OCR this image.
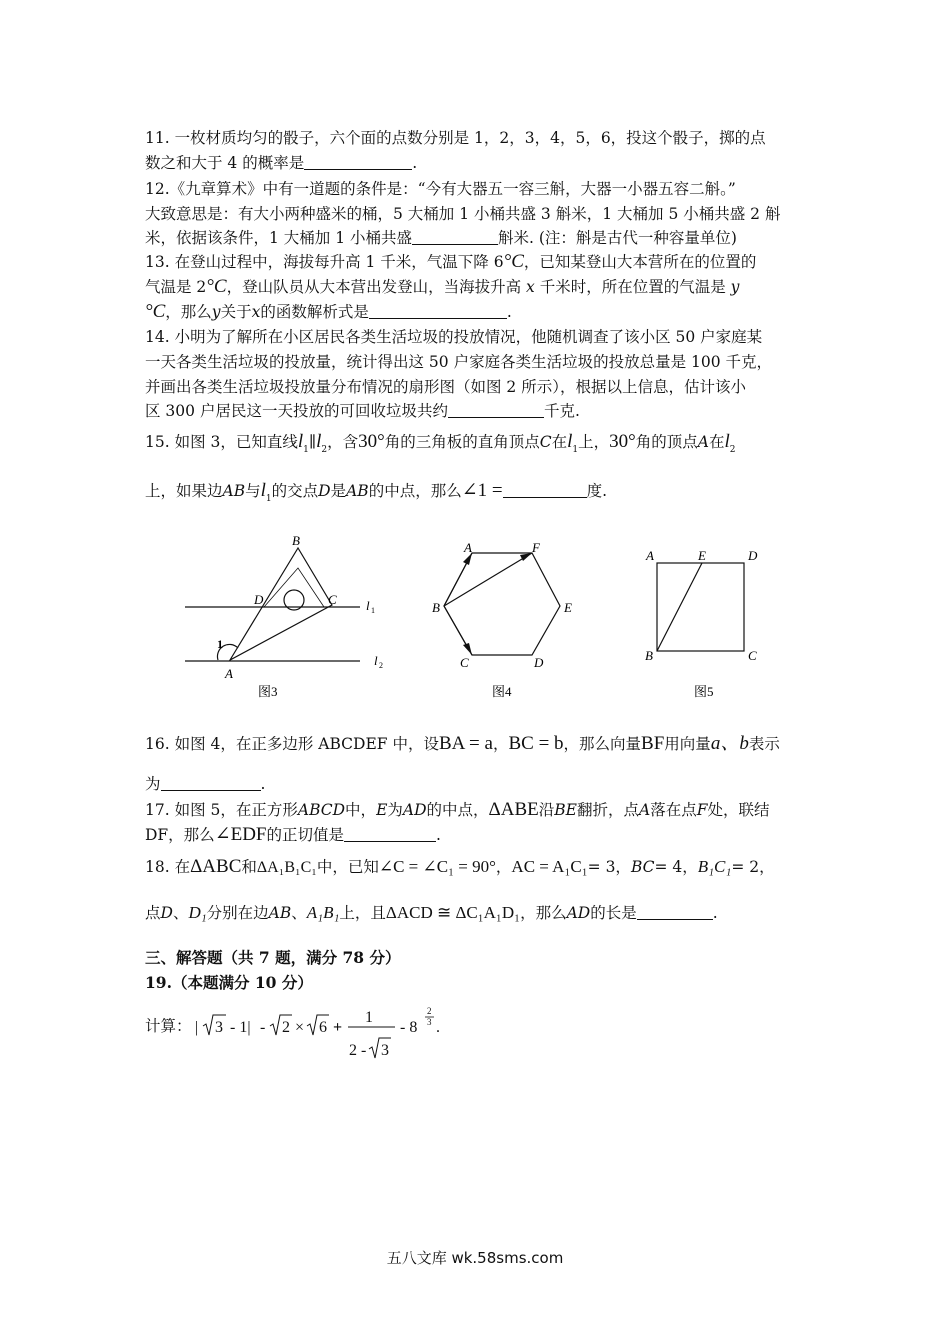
11. 一枚材质均匀的骰子，六个面的点数分别是 1，2，3，4，5，6，投这个骰子，掷的点
数之和大于 4 的概率是	.
12.《九章算术》中有一道题的条件是：“今有大器五一容三斛，大器一小器五容二斛。”
大致意思是：有大小两种盛米的桶，5 大桶加 1 小桶共盛 3 斛米，1 大桶加 5 小桶共盛 2 斛
米，依据该条件，1 大桶加 1 小桶共盛	斛米. (注：斛是古代一种容量单位)
13. 在登山过程中，海拔每升高 1 千米，气温下降 6°C，已知某登山大本营所在的位置的
气温是 2°C，登山队员从大本营出发登山，当海拔升高 x 千米时，所在位置的气温是 y
°C，那么y关于x的函数解析式是	.
14. 小明为了解所在小区居民各类生活垃圾的投放情况，他随机调查了该小区 50 户家庭某
一天各类生活垃圾的投放量，统计得出这 50 户家庭各类生活垃圾的投放总量是 100 千克，
并画出各类生活垃圾投放量分布情况的扇形图（如图 2 所示），根据以上信息，估计该小
区 300 户居民这一天投放的可回收垃圾共约	千克.
15. 如图 3，已知直线$l_1\parallel l_2$，含30°角的三角板的直角顶点C在$l_1$上，30°角的顶点A在$l_2$
上，如果边AB与$l_1$的交点D是AB的中点，那么∠1 =	度.
B
D	C
A
1
l 1
l 2
图3
A	F
B	E
C	D
图4
A	E	D
B	C
图5
16. 如图 4，在正多边形 ABCDEF 中，设BA = a，BC = b，那么向量BF用向量a、b表示
为	.
17. 如图 5，在正方形ABCD中，E为AD的中点，ΔABE沿BE翻折，点A落在点F处，联结
DF，那么∠EDF的正切值是	.
18. 在ΔABC和ΔA₁B₁C₁中，已知∠C = ∠C₁ = 90°，AC = A₁C₁= 3，BC= 4，B₁C₁= 2，
点D、D₁分别在边AB、A₁B₁上，且ΔACD ≅ ΔC₁A₁D₁，那么AD的长是	.
三、解答题（共 7 题，满分 78 分）
19.（本题满分 10 分）
计算： | 3 - 1| - 2 × 6 +
1
2 - 3
- 8
2
3 .
五八文库 wk.58sms.com
